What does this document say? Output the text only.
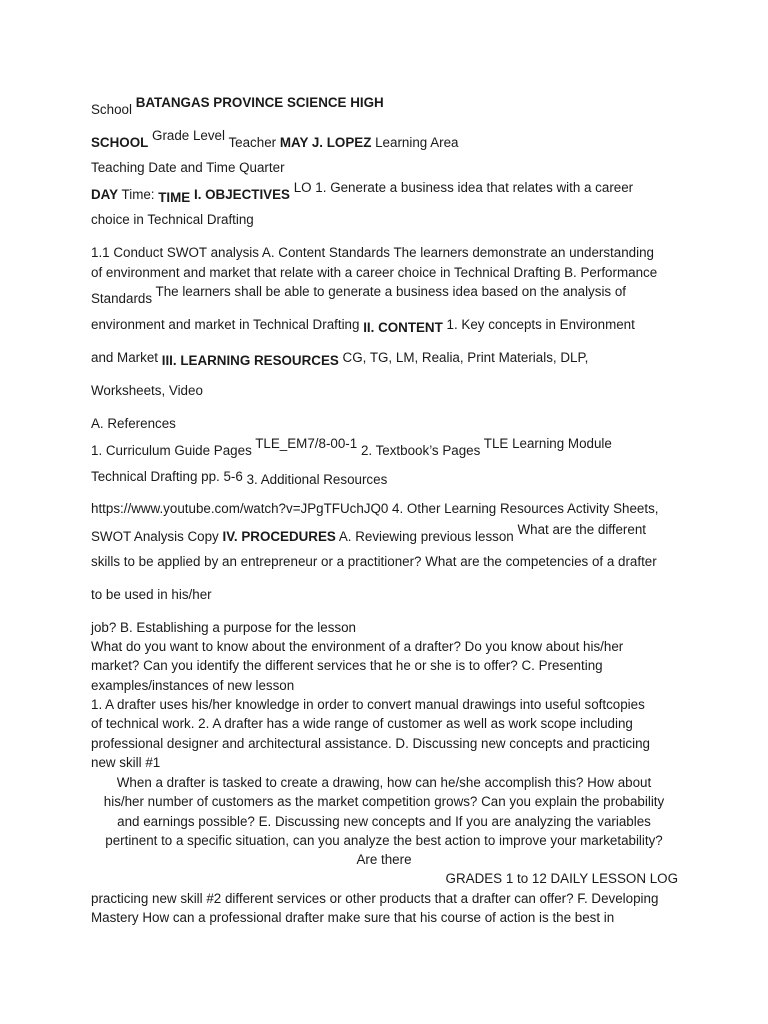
School BATANGAS PROVINCE SCIENCE HIGH
SCHOOL Grade Level Teacher MAY J. LOPEZ Learning Area
Teaching Date and Time Quarter
DAY Time: TIME I. OBJECTIVES LO 1. Generate a business idea that relates with a career
choice in Technical Drafting
1.1 Conduct SWOT analysis A. Content Standards The learners demonstrate an understanding
of environment and market that relate with a career choice in Technical Drafting B. Performance
Standards The learners shall be able to generate a business idea based on the analysis of
environment and market in Technical Drafting II. CONTENT 1. Key concepts in Environment
and Market III. LEARNING RESOURCES CG, TG, LM, Realia, Print Materials, DLP,
Worksheets, Video
A. References
1. Curriculum Guide Pages TLE_EM7/8-00-1 2. Textbook’s Pages TLE Learning Module
Technical Drafting pp. 5-6 3. Additional Resources
https://www.youtube.com/watch?v=JPgTFUchJQ0 4. Other Learning Resources Activity Sheets,
SWOT Analysis Copy IV. PROCEDURES A. Reviewing previous lesson What are the different
skills to be applied by an entrepreneur or a practitioner? What are the competencies of a drafter
to be used in his/her
job? B. Establishing a purpose for the lesson
What do you want to know about the environment of a drafter? Do you know about his/her
market? Can you identify the different services that he or she is to offer? C. Presenting
examples/instances of new lesson
1. A drafter uses his/her knowledge in order to convert manual drawings into useful softcopies
of technical work. 2. A drafter has a wide range of customer as well as work scope including
professional designer and architectural assistance. D. Discussing new concepts and practicing
new skill #1
When a drafter is tasked to create a drawing, how can he/she accomplish this? How about
his/her number of customers as the market competition grows? Can you explain the probability
and earnings possible? E. Discussing new concepts and If you are analyzing the variables
pertinent to a specific situation, can you analyze the best action to improve your marketability?
Are there
GRADES 1 to 12 DAILY LESSON LOG
practicing new skill #2 different services or other products that a drafter can offer? F. Developing
Mastery How can a professional drafter make sure that his course of action is the best in
